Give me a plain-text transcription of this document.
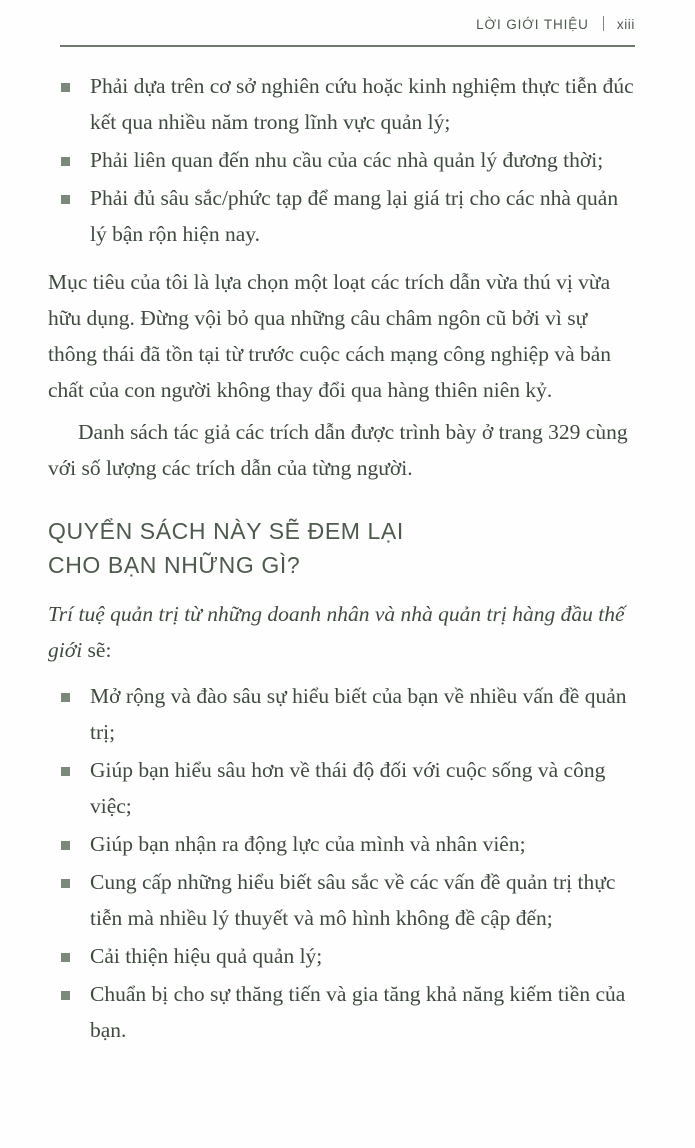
LỜI GIỚI THIỆU xiii
Phải dựa trên cơ sở nghiên cứu hoặc kinh nghiệm thực tiễn đúc kết qua nhiều năm trong lĩnh vực quản lý;
Phải liên quan đến nhu cầu của các nhà quản lý đương thời;
Phải đủ sâu sắc/phức tạp để mang lại giá trị cho các nhà quản lý bận rộn hiện nay.

Mục tiêu của tôi là lựa chọn một loạt các trích dẫn vừa thú vị vừa hữu dụng. Đừng vội bỏ qua những câu châm ngôn cũ bởi vì sự thông thái đã tồn tại từ trước cuộc cách mạng công nghiệp và bản chất của con người không thay đổi qua hàng thiên niên kỷ.

Danh sách tác giả các trích dẫn được trình bày ở trang 329 cùng với số lượng các trích dẫn của từng người.

QUYỂN SÁCH NÀY SẼ ĐEM LẠI
CHO BẠN NHỮNG GÌ?

Trí tuệ quản trị từ những doanh nhân và nhà quản trị hàng đầu thế giới sẽ:

Mở rộng và đào sâu sự hiểu biết của bạn về nhiều vấn đề quản trị;
Giúp bạn hiểu sâu hơn về thái độ đối với cuộc sống và công việc;
Giúp bạn nhận ra động lực của mình và nhân viên;
Cung cấp những hiểu biết sâu sắc về các vấn đề quản trị thực tiễn mà nhiều lý thuyết và mô hình không đề cập đến;
Cải thiện hiệu quả quản lý;
Chuẩn bị cho sự thăng tiến và gia tăng khả năng kiếm tiền của bạn.
